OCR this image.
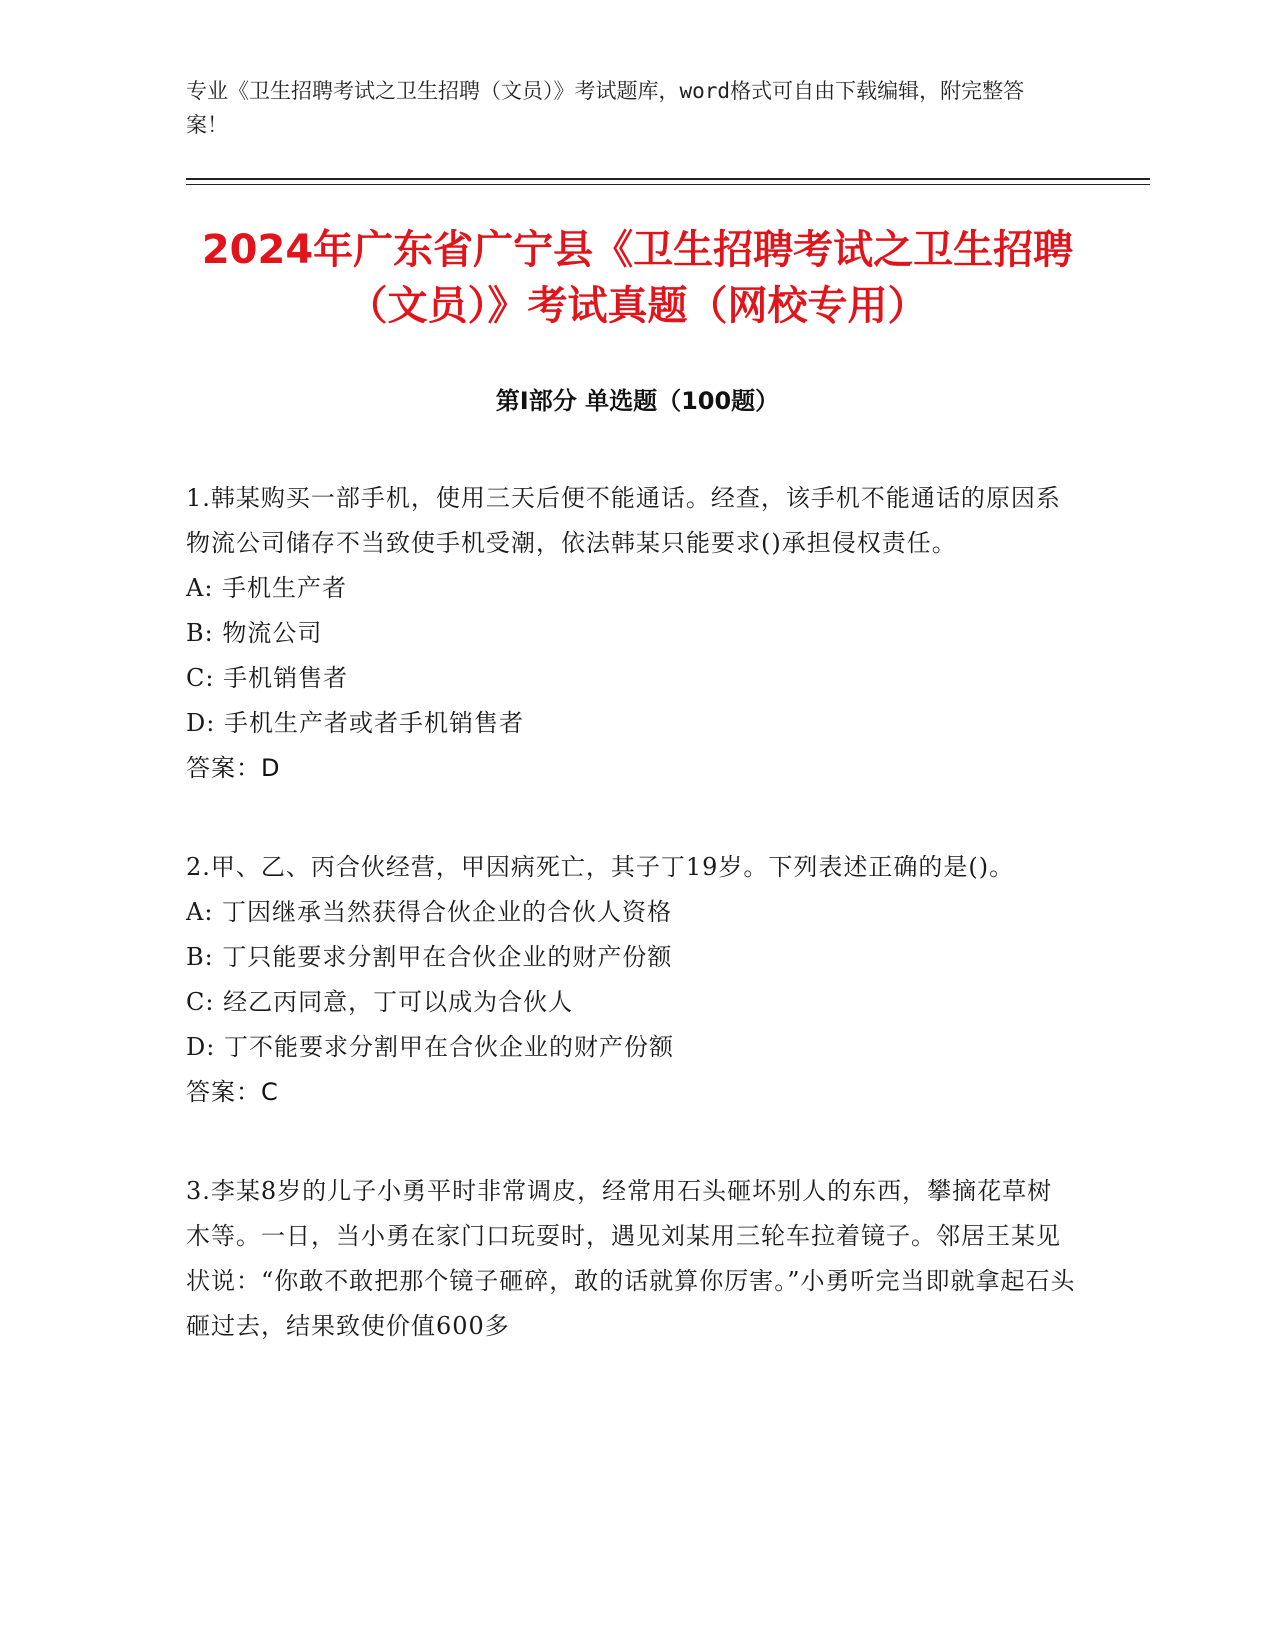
专业《卫生招聘考试之卫生招聘（文员）》考试题库，word格式可自由下载编辑，附完整答案！
2024年广东省广宁县《卫生招聘考试之卫生招聘（文员）》考试真题（网校专用）
第Ⅰ部分 单选题（100题）
1.韩某购买一部手机，使用三天后便不能通话。经查，该手机不能通话的原因系物流公司储存不当致使手机受潮，依法韩某只能要求()承担侵权责任。
A: 手机生产者
B: 物流公司
C: 手机销售者
D: 手机生产者或者手机销售者
答案：D
2.甲、乙、丙合伙经营，甲因病死亡，其子丁19岁。下列表述正确的是()。
A: 丁因继承当然获得合伙企业的合伙人资格
B: 丁只能要求分割甲在合伙企业的财产份额
C: 经乙丙同意，丁可以成为合伙人
D: 丁不能要求分割甲在合伙企业的财产份额
答案：C
3.李某8岁的儿子小勇平时非常调皮，经常用石头砸坏别人的东西，攀摘花草树木等。一日，当小勇在家门口玩耍时，遇见刘某用三轮车拉着镜子。邻居王某见状说：“你敢不敢把那个镜子砸碎，敢的话就算你厉害。”小勇听完当即就拿起石头砸过去，结果致使价值600多
